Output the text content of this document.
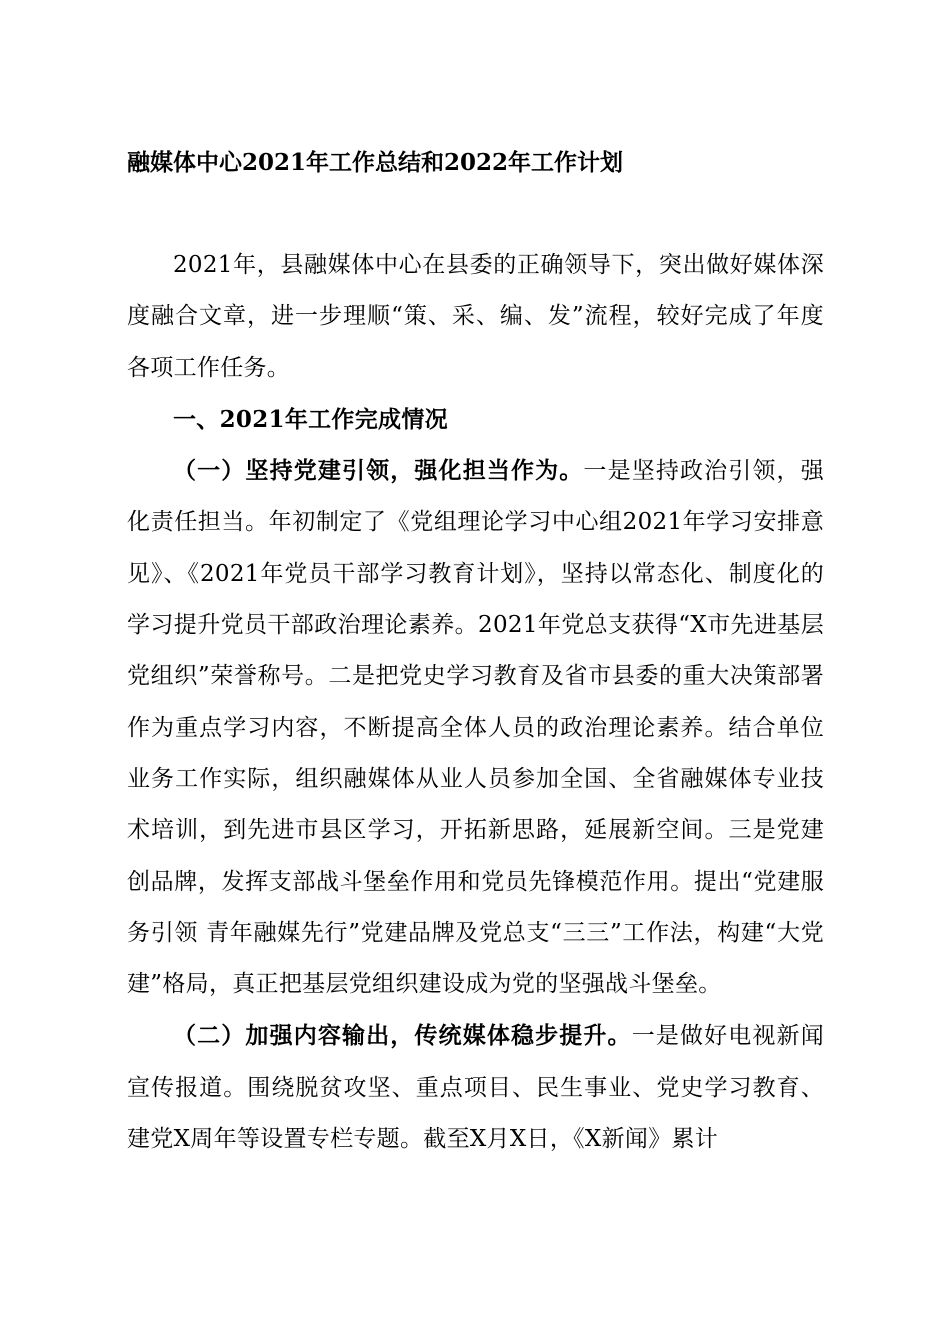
融媒体中心2021年工作总结和2022年工作计划

2021年，县融媒体中心在县委的正确领导下，突出做好媒体深度融合文章，进一步理顺“策、采、编、发”流程，较好完成了年度各项工作任务。

一、2021年工作完成情况

（一）坚持党建引领，强化担当作为。一是坚持政治引领，强化责任担当。年初制定了《党组理论学习中心组2021年学习安排意见》、《2021年党员干部学习教育计划》，坚持以常态化、制度化的学习提升党员干部政治理论素养。2021年党总支获得“X市先进基层党组织”荣誉称号。二是把党史学习教育及省市县委的重大决策部署作为重点学习内容，不断提高全体人员的政治理论素养。结合单位业务工作实际，组织融媒体从业人员参加全国、全省融媒体专业技术培训，到先进市县区学习，开拓新思路，延展新空间。三是党建创品牌，发挥支部战斗堡垒作用和党员先锋模范作用。提出“党建服务引领 青年融媒先行”党建品牌及党总支“三三”工作法，构建“大党建”格局，真正把基层党组织建设成为党的坚强战斗堡垒。

（二）加强内容输出，传统媒体稳步提升。一是做好电视新闻宣传报道。围绕脱贫攻坚、重点项目、民生事业、党史学习教育、建党X周年等设置专栏专题。截至X月X日，《X新闻》累计
